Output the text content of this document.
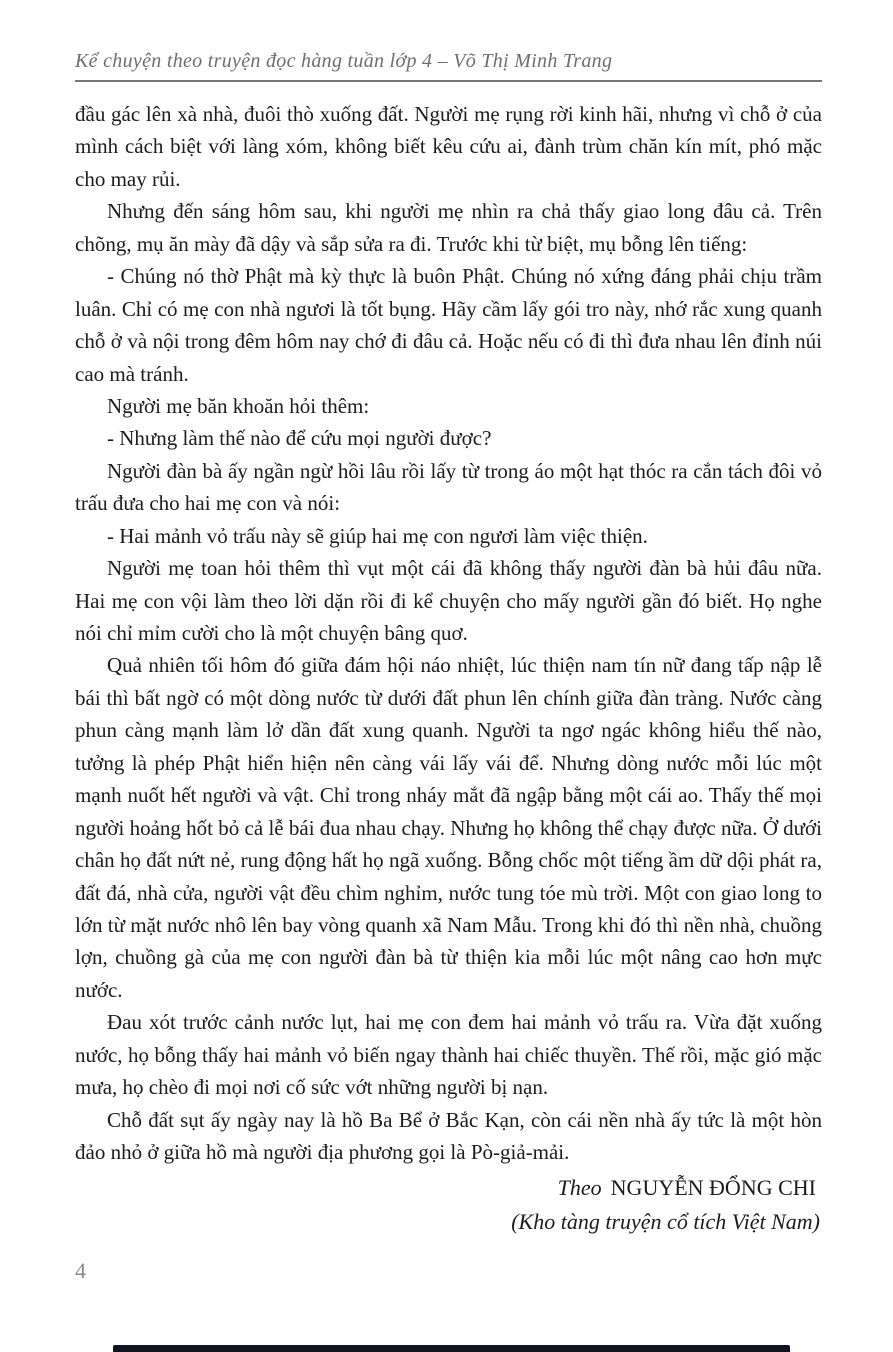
Kể chuyện theo truyện đọc hàng tuần lớp 4 – Võ Thị Minh Trang

đầu gác lên xà nhà, đuôi thò xuống đất. Người mẹ rụng rời kinh hãi, nhưng vì chỗ ở của mình cách biệt với làng xóm, không biết kêu cứu ai, đành trùm chăn kín mít, phó mặc cho may rủi.

Nhưng đến sáng hôm sau, khi người mẹ nhìn ra chả thấy giao long đâu cả. Trên chõng, mụ ăn mày đã dậy và sắp sửa ra đi. Trước khi từ biệt, mụ bỗng lên tiếng:

- Chúng nó thờ Phật mà kỳ thực là buôn Phật. Chúng nó xứng đáng phải chịu trầm luân. Chỉ có mẹ con nhà ngươi là tốt bụng. Hãy cầm lấy gói tro này, nhớ rắc xung quanh chỗ ở và nội trong đêm hôm nay chớ đi đâu cả. Hoặc nếu có đi thì đưa nhau lên đỉnh núi cao mà tránh.

Người mẹ băn khoăn hỏi thêm:

- Nhưng làm thế nào để cứu mọi người được?

Người đàn bà ấy ngần ngừ hồi lâu rồi lấy từ trong áo một hạt thóc ra cắn tách đôi vỏ trấu đưa cho hai mẹ con và nói:

- Hai mảnh vỏ trấu này sẽ giúp hai mẹ con ngươi làm việc thiện.

Người mẹ toan hỏi thêm thì vụt một cái đã không thấy người đàn bà hủi đâu nữa. Hai mẹ con vội làm theo lời dặn rồi đi kể chuyện cho mấy người gần đó biết. Họ nghe nói chỉ mỉm cười cho là một chuyện bâng quơ.

Quả nhiên tối hôm đó giữa đám hội náo nhiệt, lúc thiện nam tín nữ đang tấp nập lễ bái thì bất ngờ có một dòng nước từ dưới đất phun lên chính giữa đàn tràng. Nước càng phun càng mạnh làm lở dần đất xung quanh. Người ta ngơ ngác không hiểu thế nào, tưởng là phép Phật hiển hiện nên càng vái lấy vái để. Nhưng dòng nước mỗi lúc một mạnh nuốt hết người và vật. Chỉ trong nháy mắt đã ngập bằng một cái ao. Thấy thế mọi người hoảng hốt bỏ cả lễ bái đua nhau chạy. Nhưng họ không thể chạy được nữa. Ở dưới chân họ đất nứt nẻ, rung động hất họ ngã xuống. Bỗng chốc một tiếng ầm dữ dội phát ra, đất đá, nhà cửa, người vật đều chìm nghỉm, nước tung tóe mù trời. Một con giao long to lớn từ mặt nước nhô lên bay vòng quanh xã Nam Mẫu. Trong khi đó thì nền nhà, chuồng lợn, chuồng gà của mẹ con người đàn bà từ thiện kia mỗi lúc một nâng cao hơn mực nước.

Đau xót trước cảnh nước lụt, hai mẹ con đem hai mảnh vỏ trấu ra. Vừa đặt xuống nước, họ bỗng thấy hai mảnh vỏ biến ngay thành hai chiếc thuyền. Thế rồi, mặc gió mặc mưa, họ chèo đi mọi nơi cố sức vớt những người bị nạn.

Chỗ đất sụt ấy ngày nay là hồ Ba Bể ở Bắc Kạn, còn cái nền nhà ấy tức là một hòn đảo nhỏ ở giữa hồ mà người địa phương gọi là Pò-giả-mải.

Theo NGUYỄN ĐỔNG CHI

(Kho tàng truyện cổ tích Việt Nam)

4
